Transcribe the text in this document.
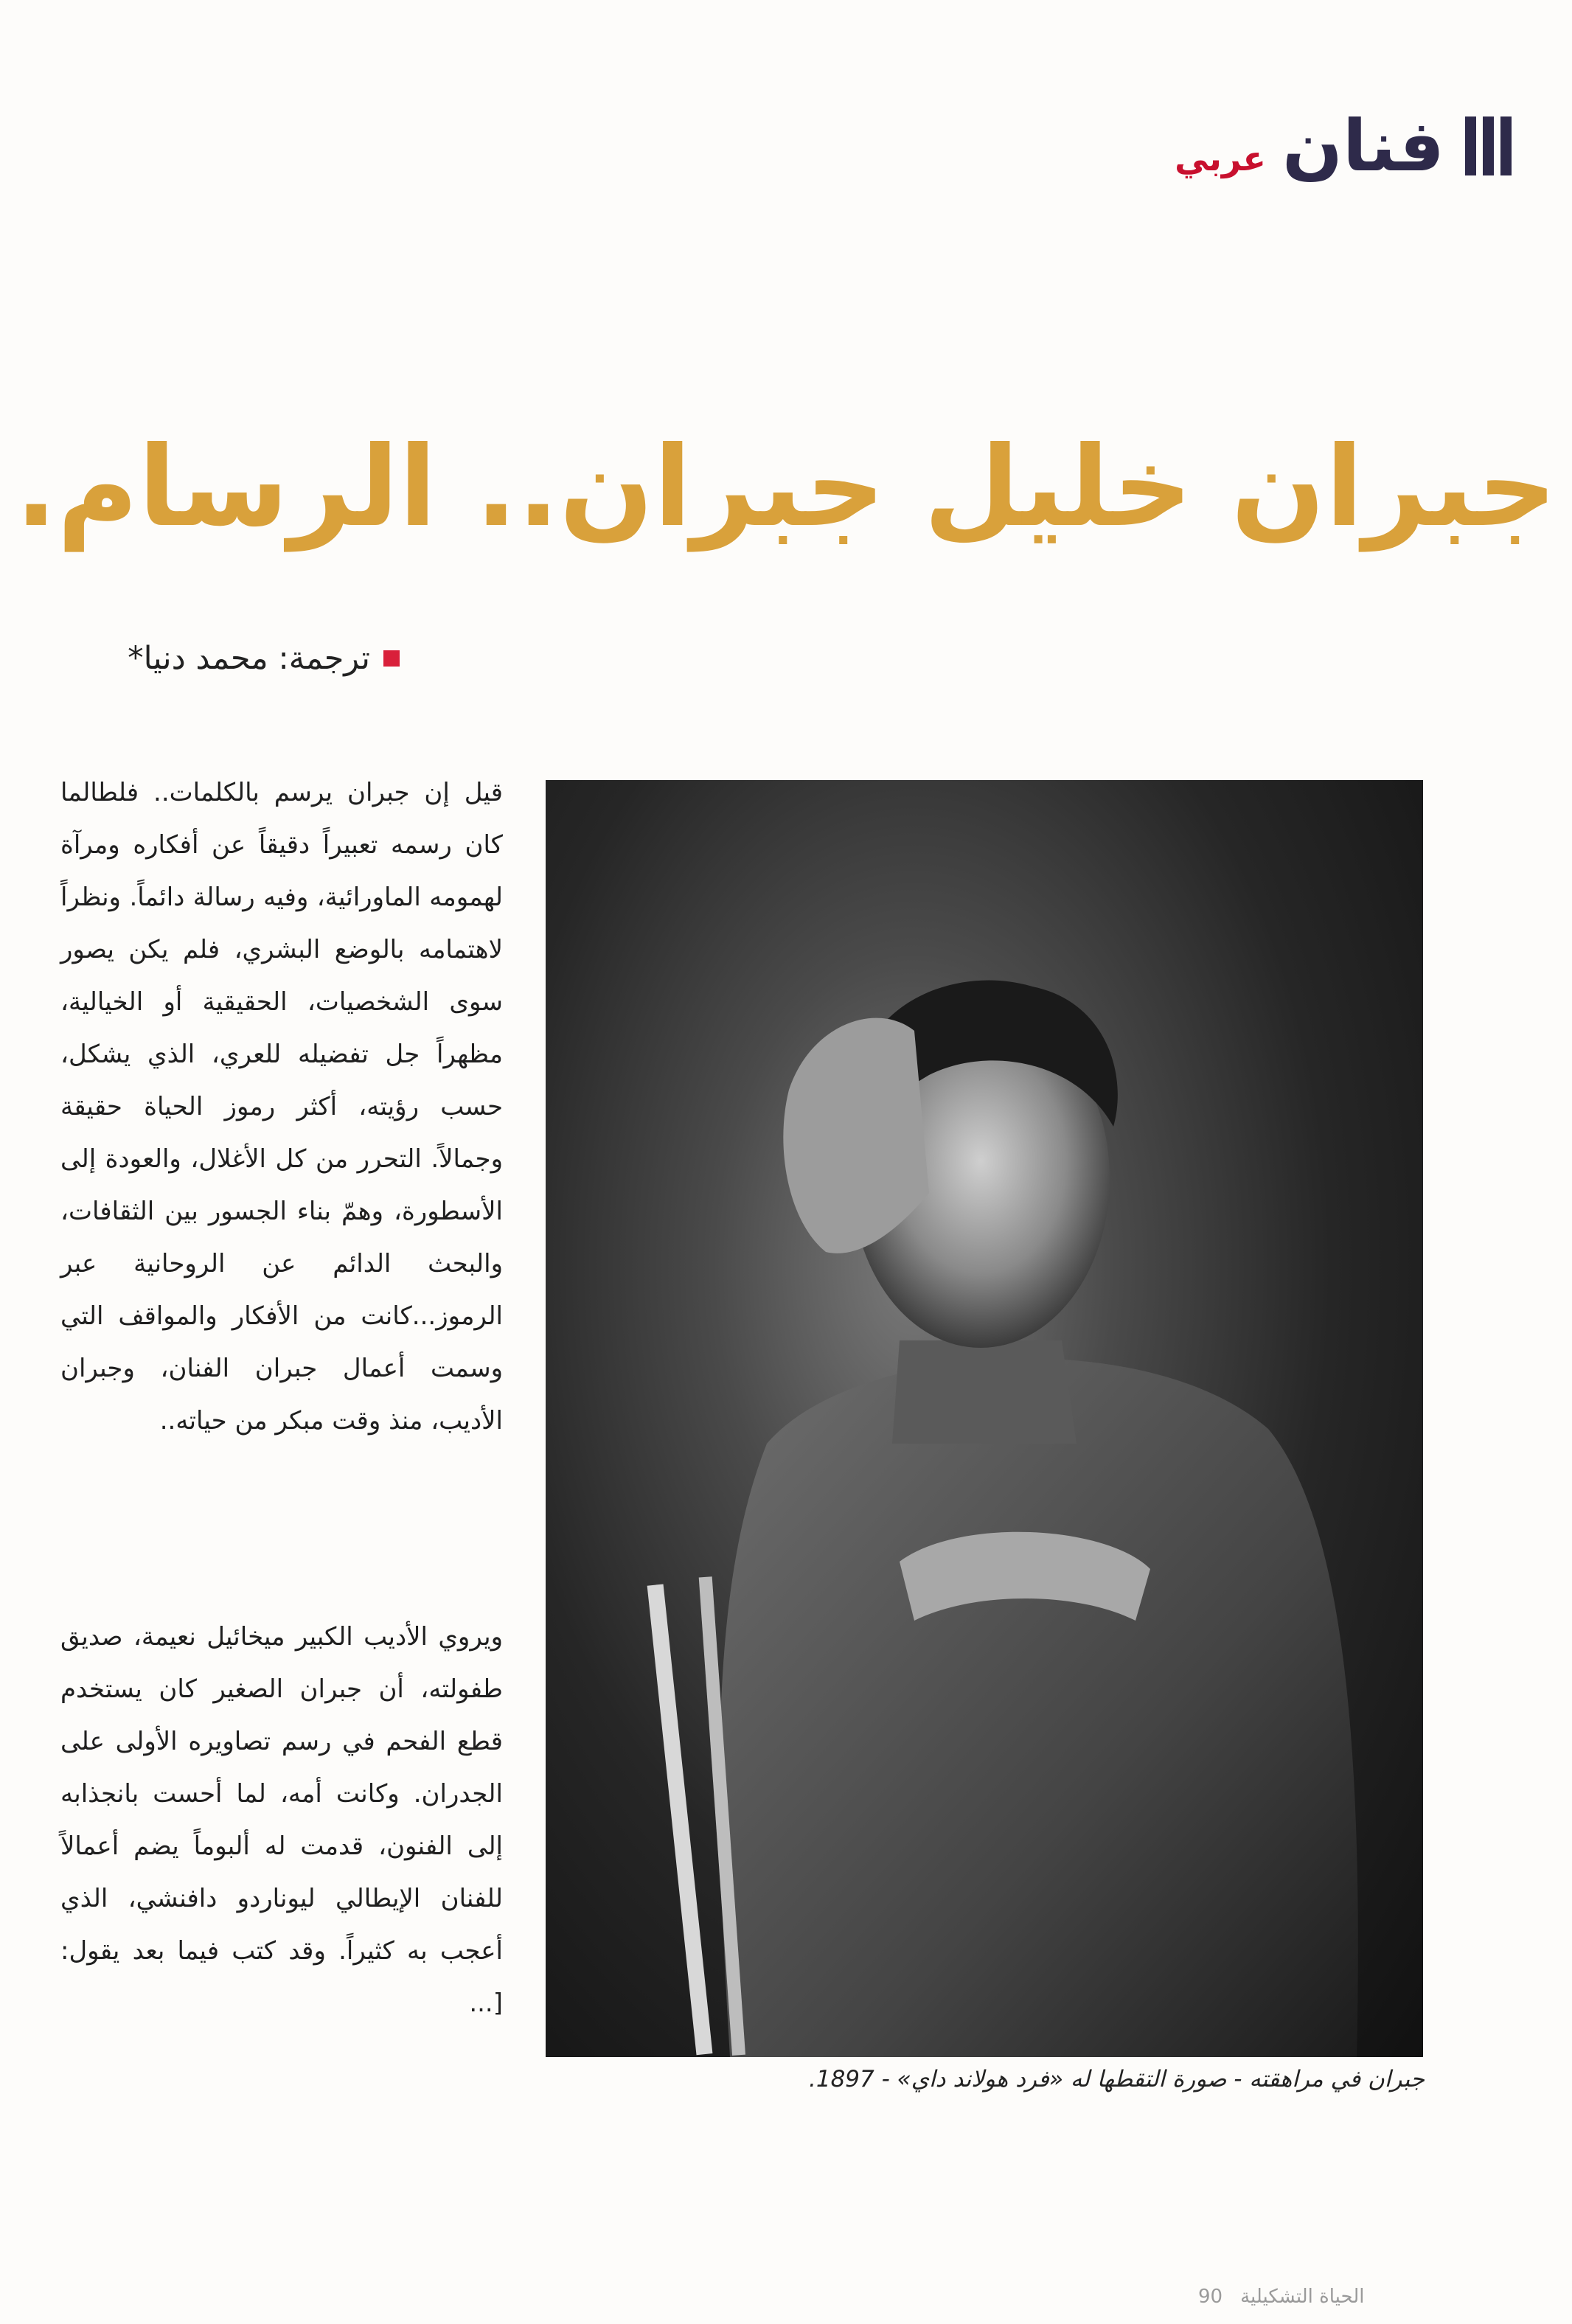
فنان
عربي
جبران خليل جبران.. الرسام.
ترجمة: محمد دنيا*

قيل إن جبران يرسم بالكلمات.. فلطالما كان رسمه تعبيراً دقيقاً عن أفكاره ومرآة لهمومه الماورائية، وفيه رسالة دائماً. ونظراً لاهتمامه بالوضع البشري، فلم يكن يصور سوى الشخصيات، الحقيقية أو الخيالية، مظهراً جل تفضيله للعري، الذي يشكل، حسب رؤيته، أكثر رموز الحياة حقيقة وجمالاً. التحرر من كل الأغلال، والعودة إلى الأسطورة، وهمّ بناء الجسور بين الثقافات، والبحث الدائم عن الروحانية عبر الرموز...كانت من الأفكار والمواقف التي وسمت أعمال جبران الفنان، وجبران الأديب، منذ وقت مبكر من حياته..

ويروي الأديب الكبير ميخائيل نعيمة، صديق طفولته، أن جبران الصغير كان يستخدم قطع الفحم في رسم تصاويره الأولى على الجدران. وكانت أمه، لما أحست بانجذابه إلى الفنون، قدمت له ألبوماً يضم أعمالاً للفنان الإيطالي ليوناردو دافنشي، الذي أعجب به كثيراً. وقد كتب فيما بعد يقول:[...

جبران في مراهقته - صورة التقطها له «فرد هولاند داي» - 1897.
90 الحياة التشكيلية
